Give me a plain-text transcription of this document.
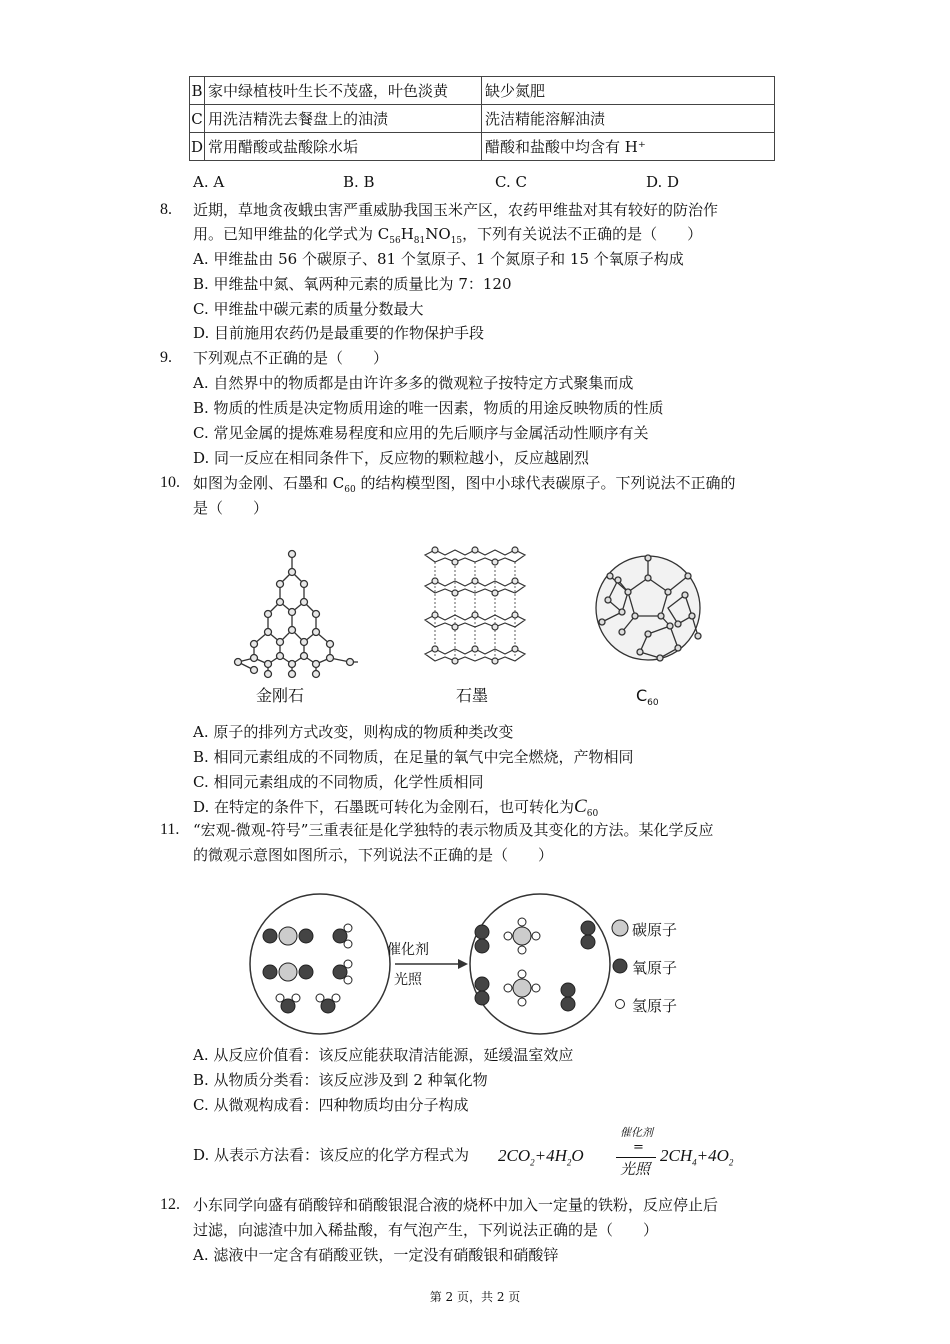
B	家中绿植枝叶生长不茂盛，叶色淡黄	缺少氮肥
C	用洗洁精洗去餐盘上的油渍	洗洁精能溶解油渍
D	常用醋酸或盐酸除水垢	醋酸和盐酸中均含有 H⁺
A. A	B. B	C. C	D. D
8. 近期，草地贪夜蛾虫害严重威胁我国玉米产区，农药甲维盐对其有较好的防治作
用。已知甲维盐的化学式为 $C_{56}H_{81}NO_{15}$，下列有关说法不正确的是（　　）
A. 甲维盐由 56 个碳原子、81 个氢原子、1 个氮原子和 15 个氧原子构成
B. 甲维盐中氮、氧两种元素的质量比为 7：120
C. 甲维盐中碳元素的质量分数最大
D. 目前施用农药仍是最重要的作物保护手段
9. 下列观点不正确的是（　　）
A. 自然界中的物质都是由许许多多的微观粒子按特定方式聚集而成
B. 物质的性质是决定物质用途的唯一因素，物质的用途反映物质的性质
C. 常见金属的提炼难易程度和应用的先后顺序与金属活动性顺序有关
D. 同一反应在相同条件下，反应物的颗粒越小，反应越剧烈
10. 如图为金刚、石墨和 $C_{60}$ 的结构模型图，图中小球代表碳原子。下列说法不正确的
是（　　）
金刚石	石墨	$C_{60}$
A. 原子的排列方式改变，则构成的物质种类改变
B. 相同元素组成的不同物质，在足量的氧气中完全燃烧，产物相同
C. 相同元素组成的不同物质，化学性质相同
D. 在特定的条件下，石墨既可转化为金刚石，也可转化为$C_{60}$
11. “宏观-微观-符号”三重表征是化学独特的表示物质及其变化的方法。某化学反应
的微观示意图如图所示，下列说法不正确的是（　　）
催化剂
光照
碳原子
氧原子
氢原子
A. 从反应价值看：该反应能获取清洁能源，延缓温室效应
B. 从物质分类看：该反应涉及到 2 种氧化物
C. 从微观构成看：四种物质均由分子构成
D. 从表示方法看：该反应的化学方程式为 $2CO_2+4H_2O$
催化剂
=
光照
$2CH_4+4O_2$
12. 小东同学向盛有硝酸锌和硝酸银混合液的烧杯中加入一定量的铁粉，反应停止后
过滤，向滤渣中加入稀盐酸，有气泡产生，下列说法正确的是（　　）
A. 滤液中一定含有硝酸亚铁，一定没有硝酸银和硝酸锌
第 2 页，共 2 页
